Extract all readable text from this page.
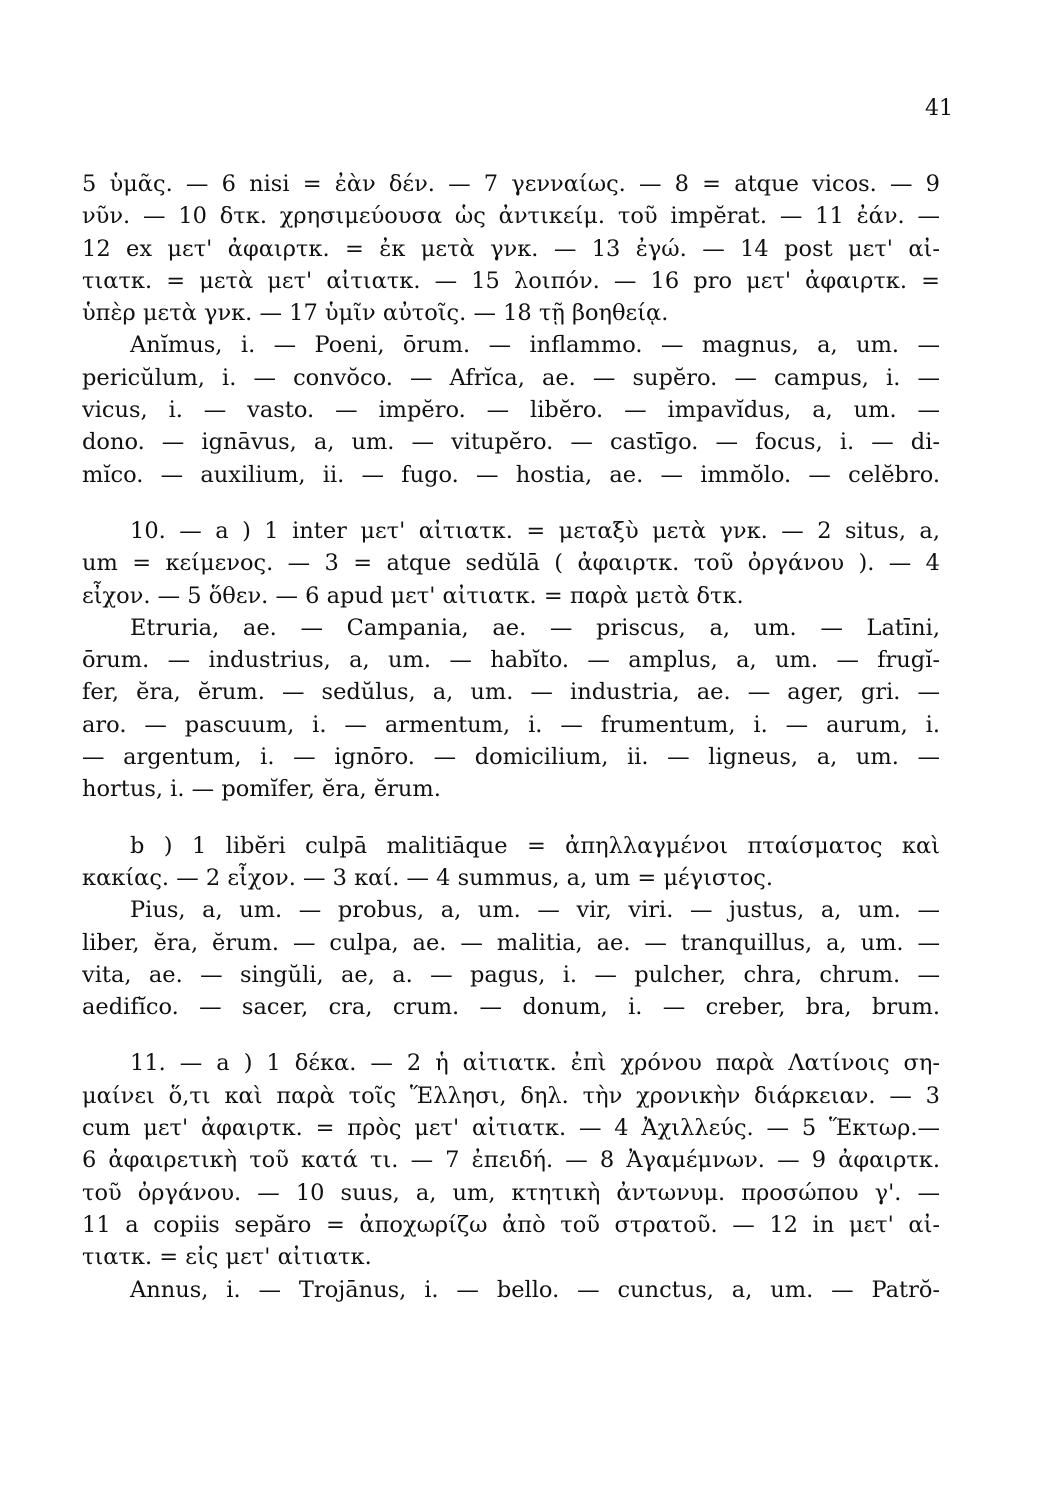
41
5 ὑμᾶς. — 6 nisi = ἐὰν δέν. — 7 γενναίως. — 8 = atque vicos. — 9
νῦν. — 10 δτκ. χρησιμεύουσα ὡς ἀντικείμ. τοῦ impĕrat. — 11 ἐάν. —
12 ex μετ' ἀφαιρτκ. = ἐκ μετὰ γνκ. — 13 ἐγώ. — 14 post μετ' αἰ-
τιατκ. = μετὰ μετ' αἰτιατκ. — 15 λοιπόν. — 16 pro μετ' ἀφαιρτκ. =
ὑπὲρ μετὰ γνκ. — 17 ὑμῖν αὐτοῖς. — 18 τῇ βοηθείᾳ.
Anĭmus, i. — Poeni, ōrum. — inflammo. — magnus, a, um. —
pericŭlum, i. — convŏco. — Afrĭca, ae. — supĕro. — campus, i. —
vicus, i. — vasto. — impĕro. — libĕro. — impavĭdus, a, um. —
dono. — ignāvus, a, um. — vitupĕro. — castīgo. — focus, i. — di-
mĭco. — auxilium, ii. — fugo. — hostia, ae. — immŏlo. — celĕbro.
10. — a ) 1 inter μετ' αἰτιατκ. = μεταξὺ μετὰ γνκ. — 2 situs, a,
um = κείμενος. — 3 = atque sedŭlā ( ἀφαιρτκ. τοῦ ὀργάνου ). — 4
εἶχον. — 5 ὅθεν. — 6 apud μετ' αἰτιατκ. = παρὰ μετὰ δτκ.
Etruria, ae. — Campania, ae. — priscus, a, um. — Latīni,
ōrum. — industrius, a, um. — habĭto. — amplus, a, um. — frugĭ-
fer, ĕra, ĕrum. — sedŭlus, a, um. — industria, ae. — ager, gri. —
aro. — pascuum, i. — armentum, i. — frumentum, i. — aurum, i.
— argentum, i. — ignōro. — domicilium, ii. — ligneus, a, um. —
hortus, i. — pomĭfer, ĕra, ĕrum.
b ) 1 libĕri culpā malitiāque = ἀπηλλαγμένοι πταίσματος καὶ
κακίας. — 2 εἶχον. — 3 καί. — 4 summus, a, um = μέγιστος.
Pius, a, um. — probus, a, um. — vir, viri. — justus, a, um. —
liber, ĕra, ĕrum. — culpa, ae. — malitia, ae. — tranquillus, a, um. —
vita, ae. — singŭli, ae, a. — pagus, i. — pulcher, chra, chrum. —
aedifĭco. — sacer, cra, crum. — donum, i. — creber, bra, brum.
11. — a ) 1 δέκα. — 2 ἡ αἰτιατκ. ἐπὶ χρόνου παρὰ Λατίνοις ση-
μαίνει ὅ,τι καὶ παρὰ τοῖς Ἕλλησι, δηλ. τὴν χρονικὴν διάρκειαν. — 3
cum μετ' ἀφαιρτκ. = πρὸς μετ' αἰτιατκ. — 4 Ἀχιλλεύς. — 5 Ἕκτωρ.—
6 ἀφαιρετικὴ τοῦ κατά τι. — 7 ἐπειδή. — 8 Ἀγαμέμνων. — 9 ἀφαιρτκ.
τοῦ ὀργάνου. — 10 suus, a, um, κτητικὴ ἀντωνυμ. προσώπου γ'. —
11 a copiis sepăro = ἀποχωρίζω ἀπὸ τοῦ στρατοῦ. — 12 in μετ' αἰ-
τιατκ. = εἰς μετ' αἰτιατκ.
Annus, i. — Trojānus, i. — bello. — cunctus, a, um. — Patrŏ-
